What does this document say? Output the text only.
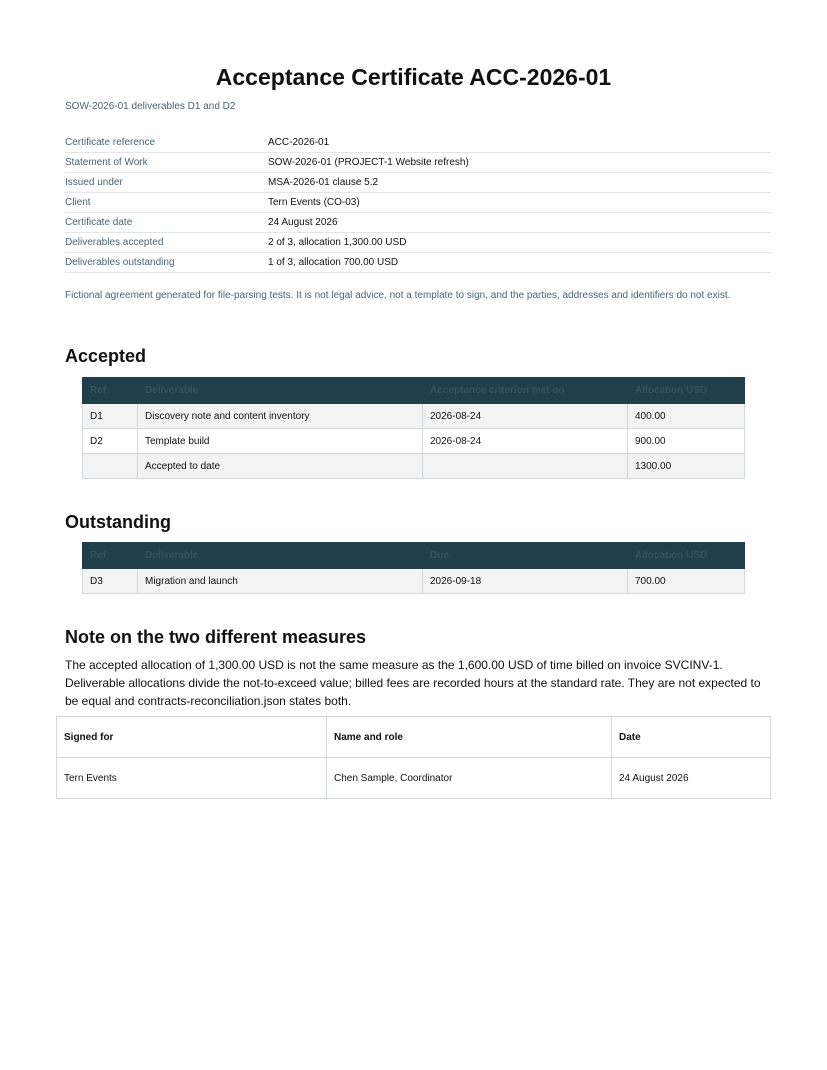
Acceptance Certificate ACC-2026-01
SOW-2026-01 deliverables D1 and D2
Certificate reference	ACC-2026-01
Statement of Work	SOW-2026-01 (PROJECT-1 Website refresh)
Issued under	MSA-2026-01 clause 5.2
Client	Tern Events (CO-03)
Certificate date	24 August 2026
Deliverables accepted	2 of 3, allocation 1,300.00 USD
Deliverables outstanding	1 of 3, allocation 700.00 USD
Fictional agreement generated for file-parsing tests. It is not legal advice, not a template to sign, and the parties, addresses and identifiers do not exist.
Accepted
Ref	Deliverable	Acceptance criterion met on	Allocation USD
D1	Discovery note and content inventory	2026-08-24	400.00
D2	Template build	2026-08-24	900.00
	Accepted to date		1300.00
Outstanding
Ref	Deliverable	Due	Allocation USD
D3	Migration and launch	2026-09-18	700.00
Note on the two different measures
The accepted allocation of 1,300.00 USD is not the same measure as the 1,600.00 USD of time billed on invoice SVCINV-1. Deliverable allocations divide the not-to-exceed value; billed fees are recorded hours at the standard rate. They are not expected to be equal and contracts-reconciliation.json states both.
Signed for	Name and role	Date
Tern Events	Chen Sample, Coordinator	24 August 2026
